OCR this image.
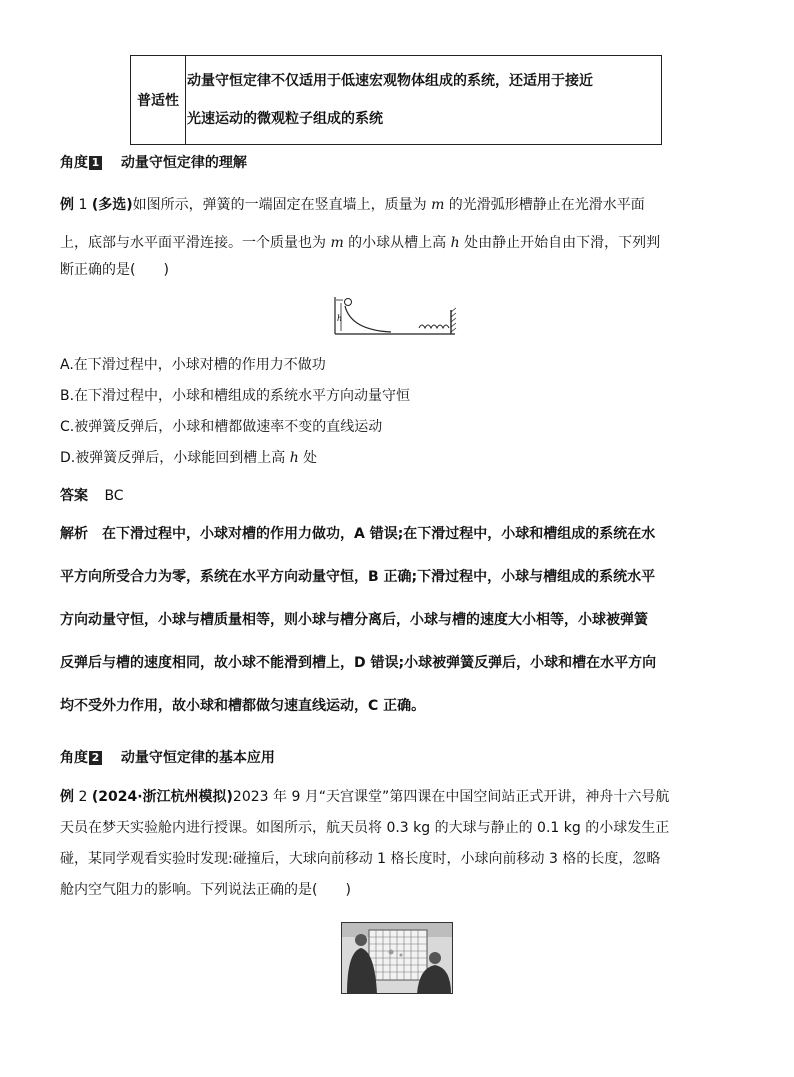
普适性
动量守恒定律不仅适用于低速宏观物体组成的系统，还适用于接近
光速运动的微观粒子组成的系统
角度 1 动量守恒定律的理解
例 1 (多选)如图所示，弹簧的一端固定在竖直墙上，质量为 m 的光滑弧形槽静止在光滑水平面
上，底部与水平面平滑连接。一个质量也为 m 的小球从槽上高 h 处由静止开始自由下滑，下列判
断正确的是(　　)
h
A.在下滑过程中，小球对槽的作用力不做功
B.在下滑过程中，小球和槽组成的系统水平方向动量守恒
C.被弹簧反弹后，小球和槽都做速率不变的直线运动
D.被弹簧反弹后，小球能回到槽上高 h 处
答案 BC
解析 在下滑过程中，小球对槽的作用力做功，A 错误;在下滑过程中，小球和槽组成的系统在水
平方向所受合力为零，系统在水平方向动量守恒，B 正确;下滑过程中，小球与槽组成的系统水平
方向动量守恒，小球与槽质量相等，则小球与槽分离后，小球与槽的速度大小相等，小球被弹簧
反弹后与槽的速度相同，故小球不能滑到槽上，D 错误;小球被弹簧反弹后，小球和槽在水平方向
均不受外力作用，故小球和槽都做匀速直线运动，C 正确。
角度 2 动量守恒定律的基本应用
例 2 (2024·浙江杭州模拟)2023 年 9 月“天宫课堂”第四课在中国空间站正式开讲，神舟十六号航
天员在梦天实验舱内进行授课。如图所示，航天员将 0.3 kg 的大球与静止的 0.1 kg 的小球发生正
碰，某同学观看实验时发现:碰撞后，大球向前移动 1 格长度时，小球向前移动 3 格的长度，忽略
舱内空气阻力的影响。下列说法正确的是(　　)
